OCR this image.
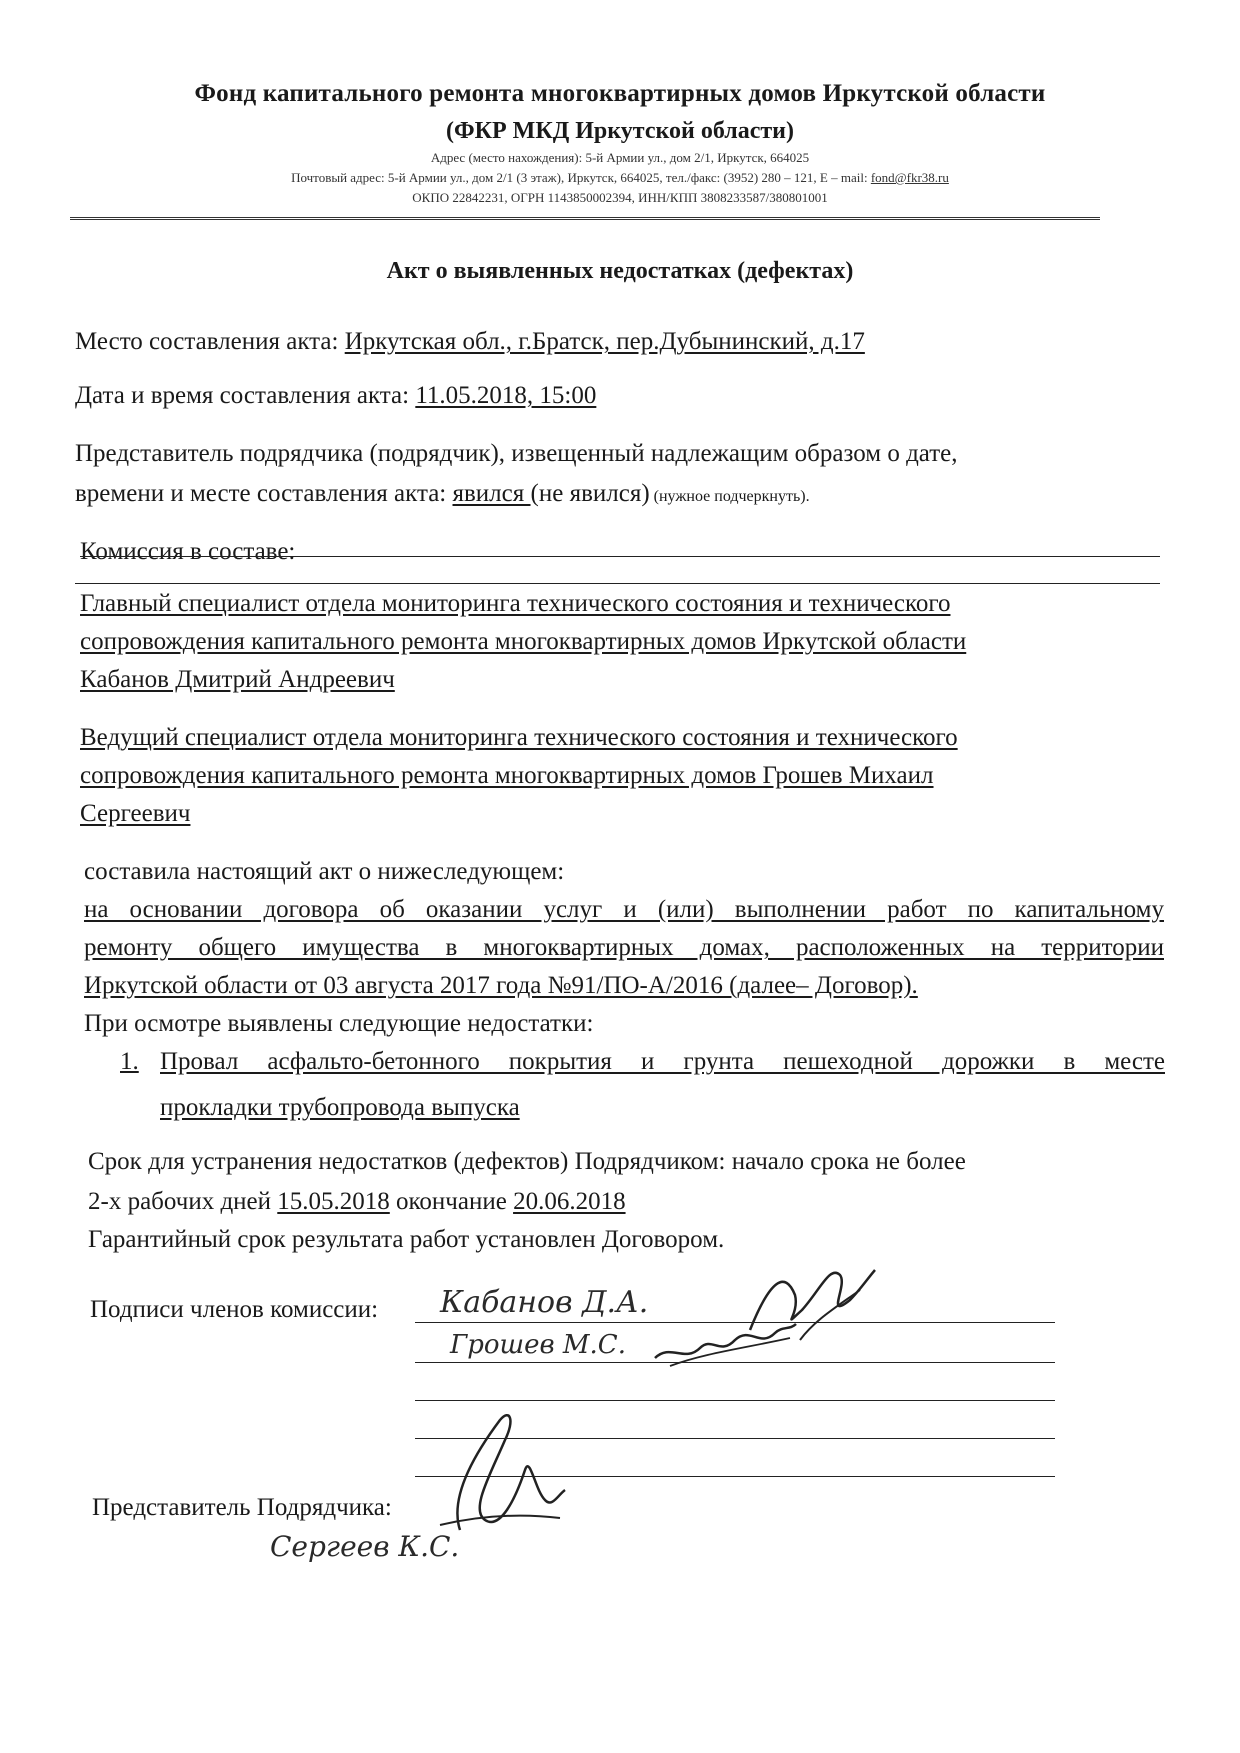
Фонд капитального ремонта многоквартирных домов Иркутской области
(ФКР МКД Иркутской области)
Адрес (место нахождения): 5-й Армии ул., дом 2/1, Иркутск, 664025
Почтовый адрес: 5-й Армии ул., дом 2/1 (3 этаж), Иркутск, 664025, тел./факс: (3952) 280 – 121, E – mail: fond@fkr38.ru
ОКПО 22842231, ОГРН 1143850002394, ИНН/КПП 3808233587/380801001
Акт о выявленных недостатках (дефектах)
Место составления акта: Иркутская обл., г.Братск, пер.Дубынинский, д.17
Дата и время составления акта: 11.05.2018, 15:00
Представитель подрядчика (подрядчик), извещенный надлежащим образом о дате,
времени и месте составления акта: явился (не явился) (нужное подчеркнуть).
Комиссия в составе:
Главный специалист отдела мониторинга технического состояния и технического
сопровождения капитального ремонта многоквартирных домов Иркутской области
Кабанов Дмитрий Андреевич
Ведущий специалист отдела мониторинга технического состояния и технического
сопровождения капитального ремонта многоквартирных домов Грошев Михаил
Сергеевич
составила настоящий акт о нижеследующем:
на основании договора об оказании услуг и (или) выполнении работ по капитальному
ремонту общего имущества в многоквартирных домах, расположенных на территории
Иркутской области от 03 августа 2017 года №91/ПО-А/2016 (далее– Договор).
При осмотре выявлены следующие недостатки:
1. Провал асфальто-бетонного покрытия и грунта пешеходной дорожки в месте
прокладки трубопровода выпуска
Срок для устранения недостатков (дефектов) Подрядчиком: начало срока не более
2-х рабочих дней 15.05.2018 окончание 20.06.2018
Гарантийный срок результата работ установлен Договором.
Подписи членов комиссии: Кабанов Д.А.
Грошев М.С.
Представитель Подрядчика:
Сергеев К.С.
